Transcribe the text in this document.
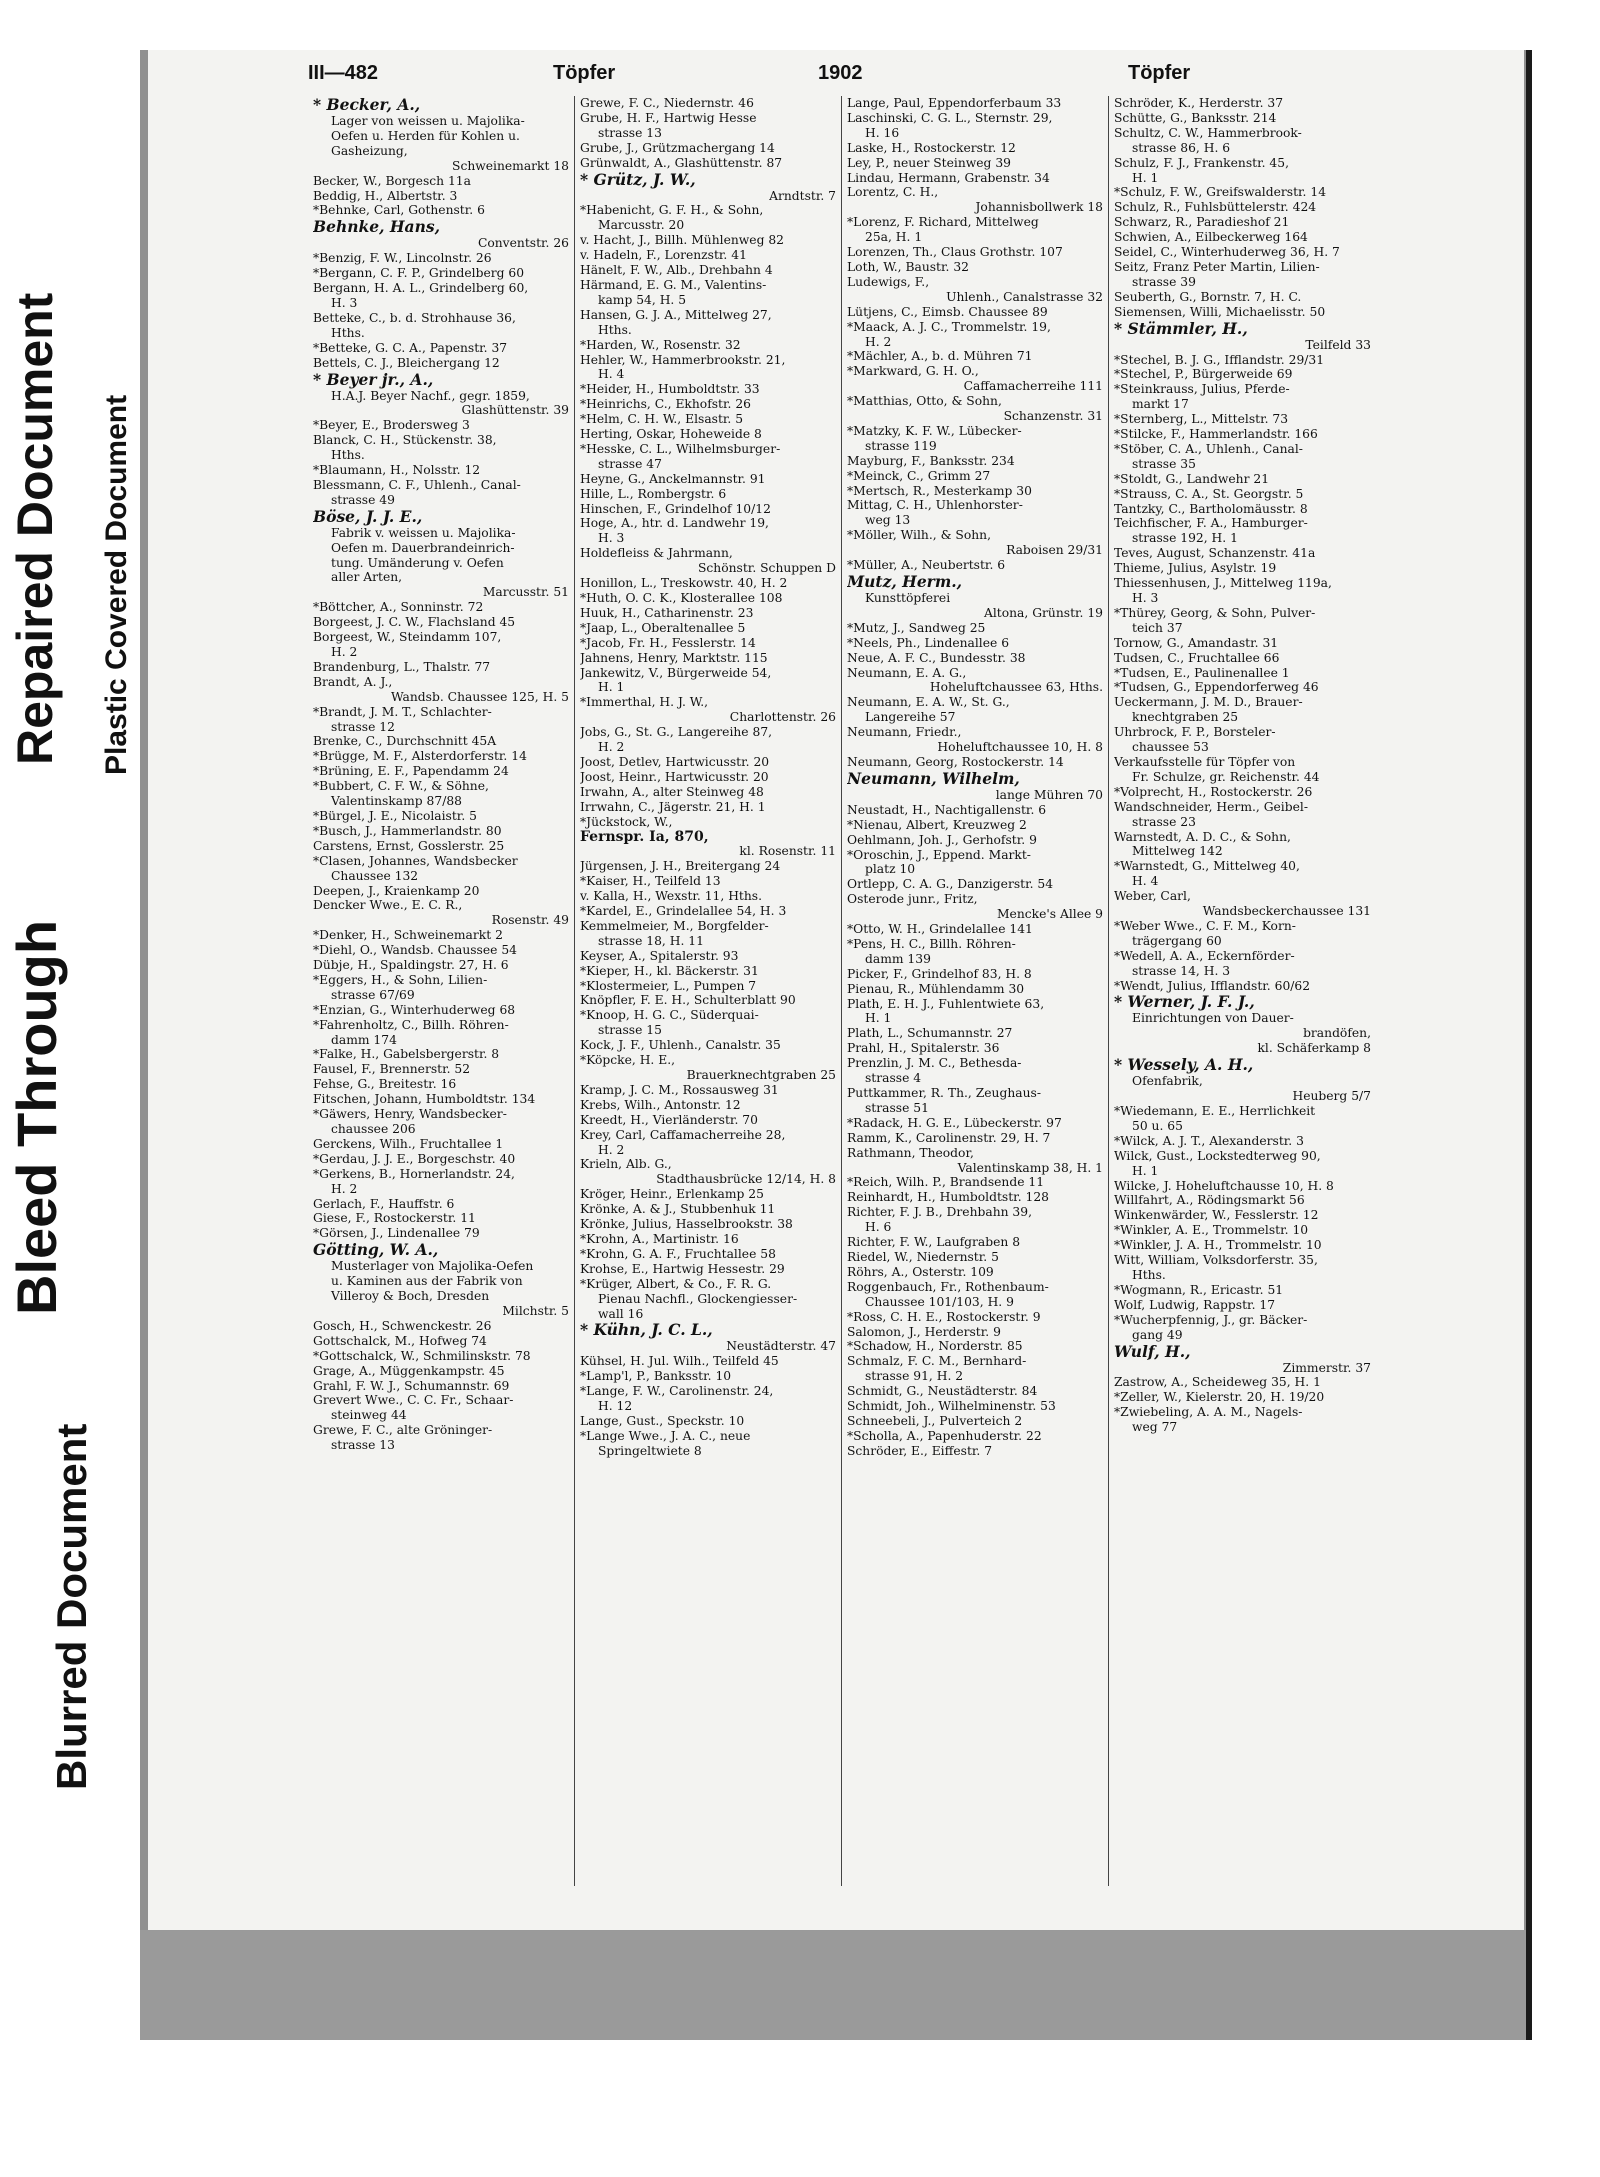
Blurred Document
Bleed Through
Repaired Document Plastic Covered Document
III—482	Töpfer	1902	Töpfer
* Becker, A.,
Lager von weissen u. Majolika-
Oefen u. Herden für Kohlen u.
Gasheizung,
Schweinemarkt 18
Becker, W., Borgesch 11a
Beddig, H., Albertstr. 3
*Behnke, Carl, Gothenstr. 6
Behnke, Hans,
Conventstr. 26
*Benzig, F. W., Lincolnstr. 26
*Bergann, C. F. P., Grindelberg 60
Bergann, H. A. L., Grindelberg 60,
H. 3
Betteke, C., b. d. Strohhause 36,
Hths.
*Betteke, G. C. A., Papenstr. 37
Bettels, C. J., Bleichergang 12
* Beyer jr., A.,
H.A.J. Beyer Nachf., gegr. 1859,
Glashüttenstr. 39
*Beyer, E., Brodersweg 3
Blanck, C. H., Stückenstr. 38,
Hths.
*Blaumann, H., Nolsstr. 12
Blessmann, C. F., Uhlenh., Canal-
strasse 49
Böse, J. J. E.,
Fabrik v. weissen u. Majolika-
Oefen m. Dauerbrandeinrich-
tung. Umänderung v. Oefen
aller Arten,
Marcusstr. 51
*Böttcher, A., Sonninstr. 72
Borgeest, J. C. W., Flachsland 45
Borgeest, W., Steindamm 107,
H. 2
Brandenburg, L., Thalstr. 77
Brandt, A. J.,
Wandsb. Chaussee 125, H. 5
*Brandt, J. M. T., Schlachter-
strasse 12
Brenke, C., Durchschnitt 45A
*Brügge, M. F., Alsterdorferstr. 14
*Brüning, E. F., Papendamm 24
*Bubbert, C. F. W., & Söhne,
Valentinskamp 87/88
*Bürgel, J. E., Nicolaistr. 5
*Busch, J., Hammerlandstr. 80
Carstens, Ernst, Gosslerstr. 25
*Clasen, Johannes, Wandsbecker
Chaussee 132
Deepen, J., Kraienkamp 20
Dencker Wwe., E. C. R.,
Rosenstr. 49
*Denker, H., Schweinemarkt 2
*Diehl, O., Wandsb. Chaussee 54
Dübje, H., Spaldingstr. 27, H. 6
*Eggers, H., & Sohn, Lilien-
strasse 67/69
*Enzian, G., Winterhuderweg 68
*Fahrenholtz, C., Billh. Röhren-
damm 174
*Falke, H., Gabelsbergerstr. 8
Fausel, F., Brennerstr. 52
Fehse, G., Breitestr. 16
Fitschen, Johann, Humboldtstr. 134
*Gäwers, Henry, Wandsbecker-
chaussee 206
Gerckens, Wilh., Fruchtallee 1
*Gerdau, J. J. E., Borgeschstr. 40
*Gerkens, B., Hornerlandstr. 24,
H. 2
Gerlach, F., Hauffstr. 6
Giese, F., Rostockerstr. 11
*Görsen, J., Lindenallee 79
Götting, W. A.,
Musterlager von Majolika-Oefen
u. Kaminen aus der Fabrik von
Villeroy & Boch, Dresden
Milchstr. 5
Gosch, H., Schwenckestr. 26
Gottschalck, M., Hofweg 74
*Gottschalck, W., Schmilinskstr. 78
Grage, A., Müggenkampstr. 45
Grahl, F. W. J., Schumannstr. 69
Grevert Wwe., C. C. Fr., Schaar-
steinweg 44
Grewe, F. C., alte Gröninger-
strasse 13
Grewe, F. C., Niedernstr. 46
Grube, H. F., Hartwig Hesse
strasse 13
Grube, J., Grützmachergang 14
Grünwaldt, A., Glashüttenstr. 87
* Grütz, J. W.,
Arndtstr. 7
*Habenicht, G. F. H., & Sohn,
Marcusstr. 20
v. Hacht, J., Billh. Mühlenweg 82
v. Hadeln, F., Lorenzstr. 41
Hänelt, F. W., Alb., Drehbahn 4
Härmand, E. G. M., Valentins-
kamp 54, H. 5
Hansen, G. J. A., Mittelweg 27,
Hths.
*Harden, W., Rosenstr. 32
Hehler, W., Hammerbrookstr. 21,
H. 4
*Heider, H., Humboldtstr. 33
*Heinrichs, C., Ekhofstr. 26
*Helm, C. H. W., Elsastr. 5
Herting, Oskar, Hoheweide 8
*Hesske, C. L., Wilhelmsburger-
strasse 47
Heyne, G., Anckelmannstr. 91
Hille, L., Rombergstr. 6
Hinschen, F., Grindelhof 10/12
Hoge, A., htr. d. Landwehr 19,
H. 3
Holdefleiss & Jahrmann,
Schönstr. Schuppen D
Honillon, L., Treskowstr. 40, H. 2
*Huth, O. C. K., Klosterallee 108
Huuk, H., Catharinenstr. 23
*Jaap, L., Oberaltenallee 5
*Jacob, Fr. H., Fesslerstr. 14
Jahnens, Henry, Marktstr. 115
Jankewitz, V., Bürgerweide 54,
H. 1
*Immerthal, H. J. W.,
Charlottenstr. 26
Jobs, G., St. G., Langereihe 87,
H. 2
Joost, Detlev, Hartwicusstr. 20
Joost, Heinr., Hartwicusstr. 20
Irwahn, A., alter Steinweg 48
Irrwahn, C., Jägerstr. 21, H. 1
*Jückstock, W.,
Fernspr. Ia, 870,
kl. Rosenstr. 11
Jürgensen, J. H., Breitergang 24
*Kaiser, H., Teilfeld 13
v. Kalla, H., Wexstr. 11, Hths.
*Kardel, E., Grindelallee 54, H. 3
Kemmelmeier, M., Borgfelder-
strasse 18, H. 11
Keyser, A., Spitalerstr. 93
*Kieper, H., kl. Bäckerstr. 31
*Klostermeier, L., Pumpen 7
Knöpfler, F. E. H., Schulterblatt 90
*Knoop, H. G. C., Süderquai-
strasse 15
Kock, J. F., Uhlenh., Canalstr. 35
*Köpcke, H. E.,
Brauerknechtgraben 25
Kramp, J. C. M., Rossausweg 31
Krebs, Wilh., Antonstr. 12
Kreedt, H., Vierländerstr. 70
Krey, Carl, Caffamacherreihe 28,
H. 2
Krieln, Alb. G.,
Stadthausbrücke 12/14, H. 8
Kröger, Heinr., Erlenkamp 25
Krönke, A. & J., Stubbenhuk 11
Krönke, Julius, Hasselbrookstr. 38
*Krohn, A., Martinistr. 16
*Krohn, G. A. F., Fruchtallee 58
Krohse, E., Hartwig Hessestr. 29
*Krüger, Albert, & Co., F. R. G.
Pienau Nachfl., Glockengiesser-
wall 16
* Kühn, J. C. L.,
Neustädterstr. 47
Kühsel, H. Jul. Wilh., Teilfeld 45
*Lamp'l, P., Banksstr. 10
*Lange, F. W., Carolinenstr. 24,
H. 12
Lange, Gust., Speckstr. 10
*Lange Wwe., J. A. C., neue
Springeltwiete 8
Lange, Paul, Eppendorferbaum 33
Laschinski, C. G. L., Sternstr. 29,
H. 16
Laske, H., Rostockerstr. 12
Ley, P., neuer Steinweg 39
Lindau, Hermann, Grabenstr. 34
Lorentz, C. H.,
Johannisbollwerk 18
*Lorenz, F. Richard, Mittelweg
25a, H. 1
Lorenzen, Th., Claus Grothstr. 107
Loth, W., Baustr. 32
Ludewigs, F.,
Uhlenh., Canalstrasse 32
Lütjens, C., Eimsb. Chaussee 89
*Maack, A. J. C., Trommelstr. 19,
H. 2
*Mächler, A., b. d. Mühren 71
*Markward, G. H. O.,
Caffamacherreihe 111
*Matthias, Otto, & Sohn,
Schanzenstr. 31
*Matzky, K. F. W., Lübecker-
strasse 119
Mayburg, F., Banksstr. 234
*Meinck, C., Grimm 27
*Mertsch, R., Mesterkamp 30
Mittag, C. H., Uhlenhorster-
weg 13
*Möller, Wilh., & Sohn,
Raboisen 29/31
*Müller, A., Neubertstr. 6
Mutz, Herm.,
Kunsttöpferei
Altona, Grünstr. 19
*Mutz, J., Sandweg 25
*Neels, Ph., Lindenallee 6
Neue, A. F. C., Bundesstr. 38
Neumann, E. A. G.,
Hoheluftchaussee 63, Hths.
Neumann, E. A. W., St. G.,
Langereihe 57
Neumann, Friedr.,
Hoheluftchaussee 10, H. 8
Neumann, Georg, Rostockerstr. 14
Neumann, Wilhelm,
lange Mühren 70
Neustadt, H., Nachtigallenstr. 6
*Nienau, Albert, Kreuzweg 2
Oehlmann, Joh. J., Gerhofstr. 9
*Oroschin, J., Eppend. Markt-
platz 10
Ortlepp, C. A. G., Danzigerstr. 54
Osterode junr., Fritz,
Mencke's Allee 9
*Otto, W. H., Grindelallee 141
*Pens, H. C., Billh. Röhren-
damm 139
Picker, F., Grindelhof 83, H. 8
Pienau, R., Mühlendamm 30
Plath, E. H. J., Fuhlentwiete 63,
H. 1
Plath, L., Schumannstr. 27
Prahl, H., Spitalerstr. 36
Prenzlin, J. M. C., Bethesda-
strasse 4
Puttkammer, R. Th., Zeughaus-
strasse 51
*Radack, H. G. E., Lübeckerstr. 97
Ramm, K., Carolinenstr. 29, H. 7
Rathmann, Theodor,
Valentinskamp 38, H. 1
*Reich, Wilh. P., Brandsende 11
Reinhardt, H., Humboldtstr. 128
Richter, F. J. B., Drehbahn 39,
H. 6
Richter, F. W., Laufgraben 8
Riedel, W., Niedernstr. 5
Röhrs, A., Osterstr. 109
Roggenbauch, Fr., Rothenbaum-
Chaussee 101/103, H. 9
*Ross, C. H. E., Rostockerstr. 9
Salomon, J., Herderstr. 9
*Schadow, H., Norderstr. 85
Schmalz, F. C. M., Bernhard-
strasse 91, H. 2
Schmidt, G., Neustädterstr. 84
Schmidt, Joh., Wilhelminenstr. 53
Schneebeli, J., Pulverteich 2
*Scholla, A., Papenhuderstr. 22
Schröder, E., Eiffestr. 7
Schröder, K., Herderstr. 37
Schütte, G., Banksstr. 214
Schultz, C. W., Hammerbrook-
strasse 86, H. 6
Schulz, F. J., Frankenstr. 45,
H. 1
*Schulz, F. W., Greifswalderstr. 14
Schulz, R., Fuhlsbüttelerstr. 424
Schwarz, R., Paradieshof 21
Schwien, A., Eilbeckerweg 164
Seidel, C., Winterhuderweg 36, H. 7
Seitz, Franz Peter Martin, Lilien-
strasse 39
Seuberth, G., Bornstr. 7, H. C.
Siemensen, Willi, Michaelisstr. 50
* Stämmler, H.,
Teilfeld 33
*Stechel, B. J. G., Ifflandstr. 29/31
*Stechel, P., Bürgerweide 69
*Steinkrauss, Julius, Pferde-
markt 17
*Sternberg, L., Mittelstr. 73
*Stilcke, F., Hammerlandstr. 166
*Stöber, C. A., Uhlenh., Canal-
strasse 35
*Stoldt, G., Landwehr 21
*Strauss, C. A., St. Georgstr. 5
Tantzky, C., Bartholomäusstr. 8
Teichfischer, F. A., Hamburger-
strasse 192, H. 1
Teves, August, Schanzenstr. 41a
Thieme, Julius, Asylstr. 19
Thiessenhusen, J., Mittelweg 119a,
H. 3
*Thürey, Georg, & Sohn, Pulver-
teich 37
Tornow, G., Amandastr. 31
Tudsen, C., Fruchtallee 66
*Tudsen, E., Paulinenallee 1
*Tudsen, G., Eppendorferweg 46
Ueckermann, J. M. D., Brauer-
knechtgraben 25
Uhrbrock, F. P., Borsteler-
chaussee 53
Verkaufsstelle für Töpfer von
Fr. Schulze, gr. Reichenstr. 44
*Volprecht, H., Rostockerstr. 26
Wandschneider, Herm., Geibel-
strasse 23
Warnstedt, A. D. C., & Sohn,
Mittelweg 142
*Warnstedt, G., Mittelweg 40,
H. 4
Weber, Carl,
Wandsbeckerchaussee 131
*Weber Wwe., C. F. M., Korn-
trägergang 60
*Wedell, A. A., Eckernförder-
strasse 14, H. 3
*Wendt, Julius, Ifflandstr. 60/62
* Werner, J. F. J.,
Einrichtungen von Dauer-
brandöfen,
kl. Schäferkamp 8
* Wessely, A. H.,
Ofenfabrik,
Heuberg 5/7
*Wiedemann, E. E., Herrlichkeit
50 u. 65
*Wilck, A. J. T., Alexanderstr. 3
Wilck, Gust., Lockstedterweg 90,
H. 1
Wilcke, J. Hoheluftchausse 10, H. 8
Willfahrt, A., Rödingsmarkt 56
Winkenwärder, W., Fesslerstr. 12
*Winkler, A. E., Trommelstr. 10
*Winkler, J. A. H., Trommelstr. 10
Witt, William, Volksdorferstr. 35,
Hths.
*Wogmann, R., Ericastr. 51
Wolf, Ludwig, Rappstr. 17
*Wucherpfennig, J., gr. Bäcker-
gang 49
Wulf, H.,
Zimmerstr. 37
Zastrow, A., Scheideweg 35, H. 1
*Zeller, W., Kielerstr. 20, H. 19/20
*Zwiebeling, A. A. M., Nagels-
weg 77
